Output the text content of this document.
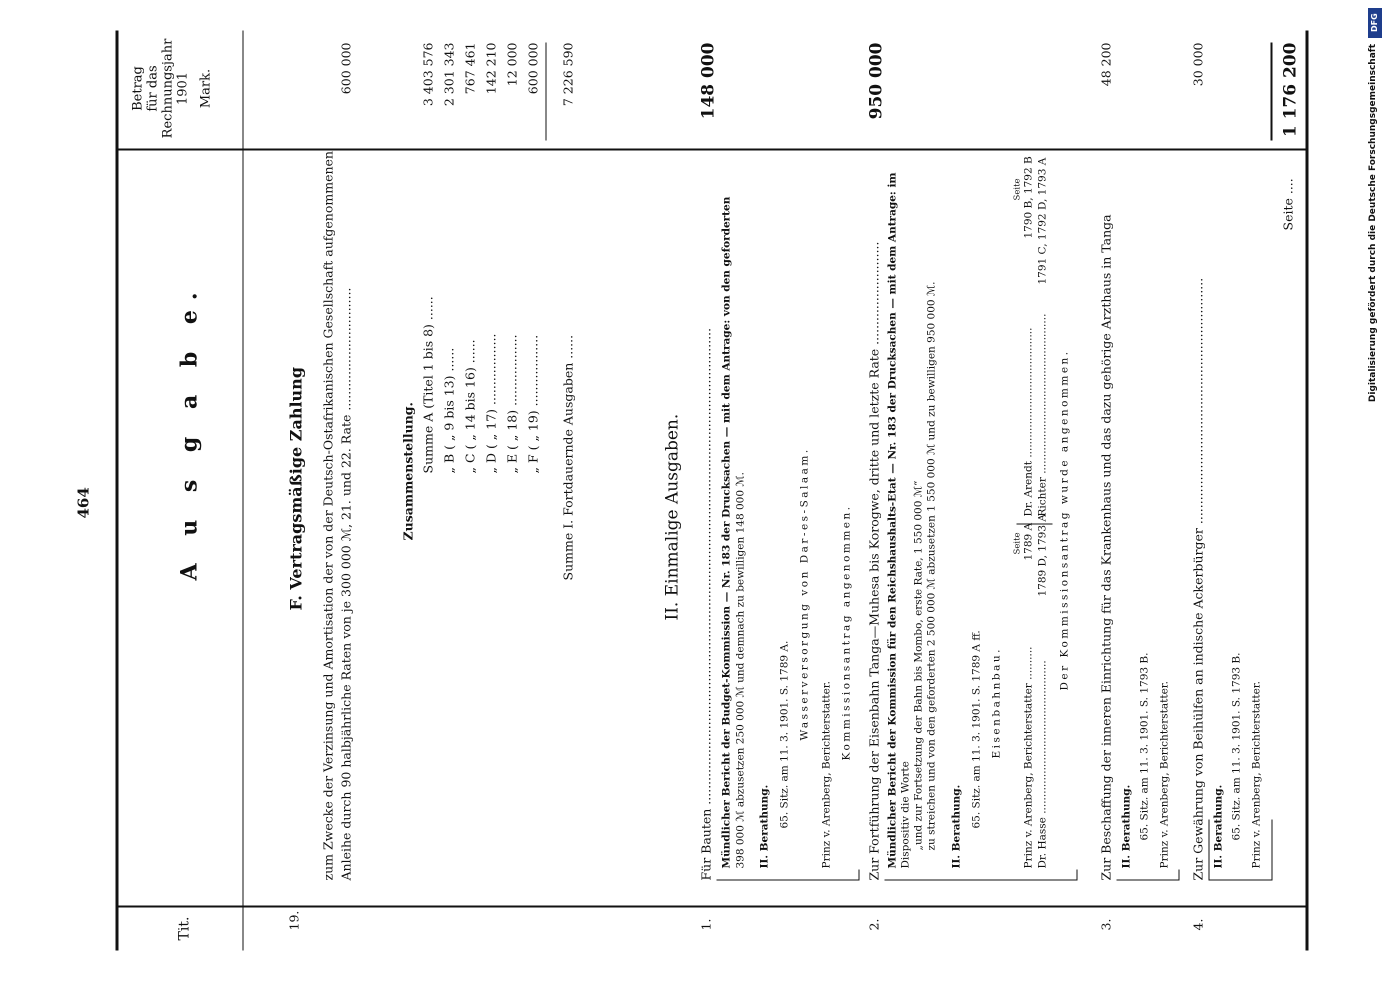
464
Tit.
Betrag für das Rechnungsjahr 1901 Mark.
A u s g a b e.
19.
F. Vertragsmäßige Zahlung zum Zwecke der Verzinsung und Amortisation der von der Deutsch-Ostafrikanischen Gesellschaft aufgenommenen Anleihe durch 90 halbjährliche Raten von je 300 000 ℳ, 21. und 22. Rate ...............................
600 000
Zusammenstellung. Summe A (Titel 1 bis 8) ......
3 403 576
„ B ( „ 9 bis 13) ......
2 301 343
„ C ( „ 14 bis 16) ......
767 461
„ D ( „ 17) ..................
142 210
„ E ( „ 18) ..................
12 000
„ F ( „ 19) ..................
600 000
Summe I. Fortdauernde Ausgaben ......
7 226 590
II. Einmalige Ausgaben.
1.
Für Bauten ........................................................................................................................
148 000
Mündlicher Bericht der Budget-Kommission — Nr. 183 der Drucksachen — mit dem Antrage: von den geforderten 398 000 ℳ abzusetzen 250 000 ℳ und demnach zu bewilligen 148 000 ℳ. II. Berathung. 65. Sitz. am 11. 3. 1901. S. 1789 A. Wasserversorgung von Dar-es-Salaam.
Prinz v. Arenberg, Berichterstatter.
Kommissionsantrag angenommen.
2.
Zur Fortführung der Eisenbahn Tanga—Muhesa bis Korogwe, dritte und letzte Rate ..........................
950 000
Mündlicher Bericht der Kommission für den Reichshaushalts-Etat — Nr. 183 der Drucksachen — mit dem Antrage: im Dispositiv die Worte „und zur Fortsetzung der Bahn bis Mombo, erste Rate, 1 550 000 ℳ“ zu streichen und von den geforderten 2 500 000 ℳ abzusetzen 1 550 000 ℳ und zu bewilligen 950 000 ℳ. II. Berathung. 65. Sitz. am 11. 3. 1901. S. 1789 A ff. Eisenbahnbau.
Seite
Seite
Prinz v. Arenberg, Berichterstatter ..........
1789 A
Dr. Hasse ..............................................
1789 D, 1793 A
Dr. Arendt .......................................
1790 B, 1792 B
Richter ................................................
1791 C, 1792 D, 1793 A
Der Kommissionsantrag wurde angenommen.
3.
Zur Beschaffung der inneren Einrichtung für das Krankenhaus und das dazu gehörige Arzthaus in Tanga
48 200
II. Berathung. 65. Sitz. am 11. 3. 1901. S. 1793 B. Prinz v. Arenberg, Berichterstatter.
4.
Zur Gewährung von Beihülfen an indische Ackerbürger ..............................................................
30 000
II. Berathung. 65. Sitz. am 11. 3. 1901. S. 1793 B. Prinz v. Arenberg, Berichterstatter.
Seite ....
1 176 200
DFG
Digitalisierung gefördert durch die Deutsche Forschungsgemeinschaft
